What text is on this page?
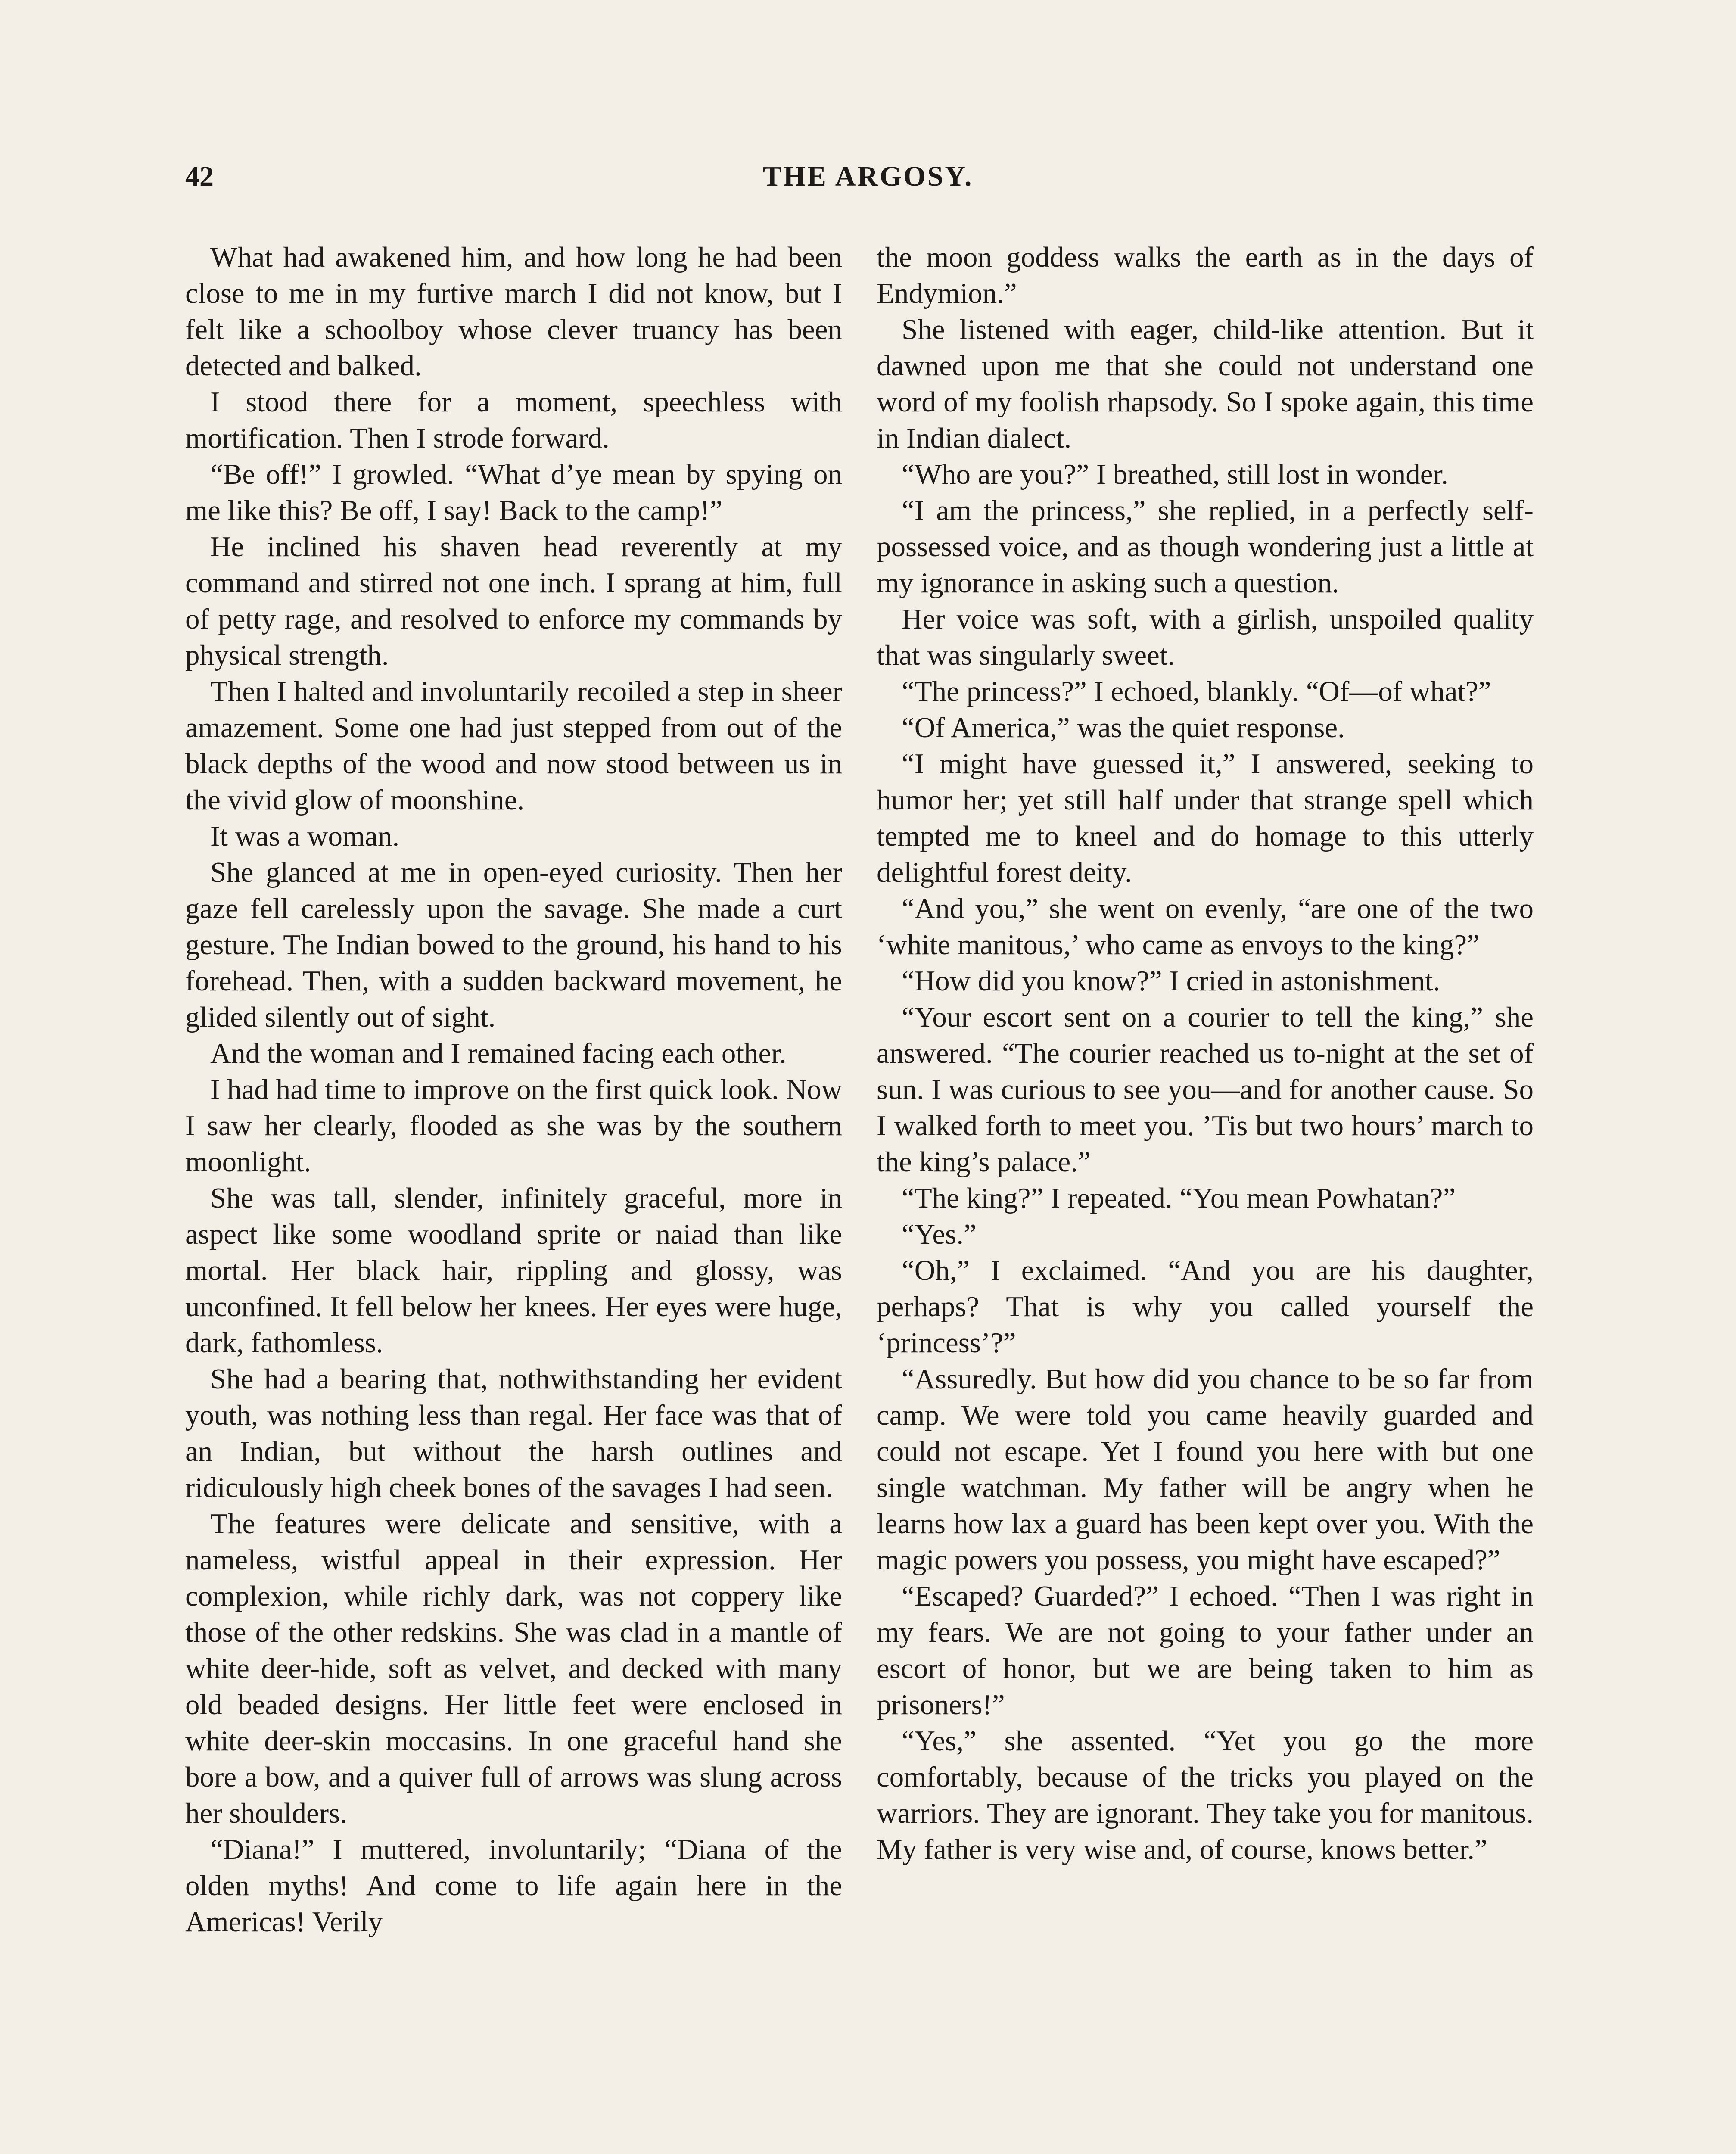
42	THE ARGOSY.

What had awakened him, and how long he had been close to me in my furtive march I did not know, but I felt like a schoolboy whose clever truancy has been detected and balked.

I stood there for a moment, speechless with mortification. Then I strode forward.

“Be off!” I growled. “What d’ye mean by spying on me like this? Be off, I say! Back to the camp!”

He inclined his shaven head reverently at my command and stirred not one inch. I sprang at him, full of petty rage, and resolved to enforce my commands by physical strength.

Then I halted and involuntarily recoiled a step in sheer amazement. Some one had just stepped from out of the black depths of the wood and now stood between us in the vivid glow of moonshine.

It was a woman.

She glanced at me in open-eyed curiosity. Then her gaze fell carelessly upon the savage. She made a curt gesture. The Indian bowed to the ground, his hand to his forehead. Then, with a sudden backward movement, he glided silently out of sight.

And the woman and I remained facing each other.

I had had time to improve on the first quick look. Now I saw her clearly, flooded as she was by the southern moonlight.

She was tall, slender, infinitely graceful, more in aspect like some woodland sprite or naiad than like mortal. Her black hair, rippling and glossy, was unconfined. It fell below her knees. Her eyes were huge, dark, fathomless.

She had a bearing that, nothwithstanding her evident youth, was nothing less than regal. Her face was that of an Indian, but without the harsh outlines and ridiculously high cheek bones of the savages I had seen.

The features were delicate and sensitive, with a nameless, wistful appeal in their expression. Her complexion, while richly dark, was not coppery like those of the other redskins. She was clad in a mantle of white deer-hide, soft as velvet, and decked with many old beaded designs. Her little feet were enclosed in white deer-skin moccasins. In one graceful hand she bore a bow, and a quiver full of arrows was slung across her shoulders.

“Diana!” I muttered, involuntarily; “Diana of the olden myths! And come to life again here in the Americas! Verily

the moon goddess walks the earth as in the days of Endymion.”

She listened with eager, child-like attention. But it dawned upon me that she could not understand one word of my foolish rhapsody. So I spoke again, this time in Indian dialect.

“Who are you?” I breathed, still lost in wonder.

“I am the princess,” she replied, in a perfectly self-possessed voice, and as though wondering just a little at my ignorance in asking such a question.

Her voice was soft, with a girlish, unspoiled quality that was singularly sweet.

“The princess?” I echoed, blankly. “Of—of what?”

“Of America,” was the quiet response.

“I might have guessed it,” I answered, seeking to humor her; yet still half under that strange spell which tempted me to kneel and do homage to this utterly delightful forest deity.

“And you,” she went on evenly, “are one of the two ‘white manitous,’ who came as envoys to the king?”

“How did you know?” I cried in astonishment.

“Your escort sent on a courier to tell the king,” she answered. “The courier reached us to-night at the set of sun. I was curious to see you—and for another cause. So I walked forth to meet you. ’Tis but two hours’ march to the king’s palace.”

“The king?” I repeated. “You mean Powhatan?”

“Yes.”

“Oh,” I exclaimed. “And you are his daughter, perhaps? That is why you called yourself the ‘princess’?”

“Assuredly. But how did you chance to be so far from camp. We were told you came heavily guarded and could not escape. Yet I found you here with but one single watchman. My father will be angry when he learns how lax a guard has been kept over you. With the magic powers you possess, you might have escaped?”

“Escaped? Guarded?” I echoed. “Then I was right in my fears. We are not going to your father under an escort of honor, but we are being taken to him as prisoners!”

“Yes,” she assented. “Yet you go the more comfortably, because of the tricks you played on the warriors. They are ignorant. They take you for manitous. My father is very wise and, of course, knows better.”
